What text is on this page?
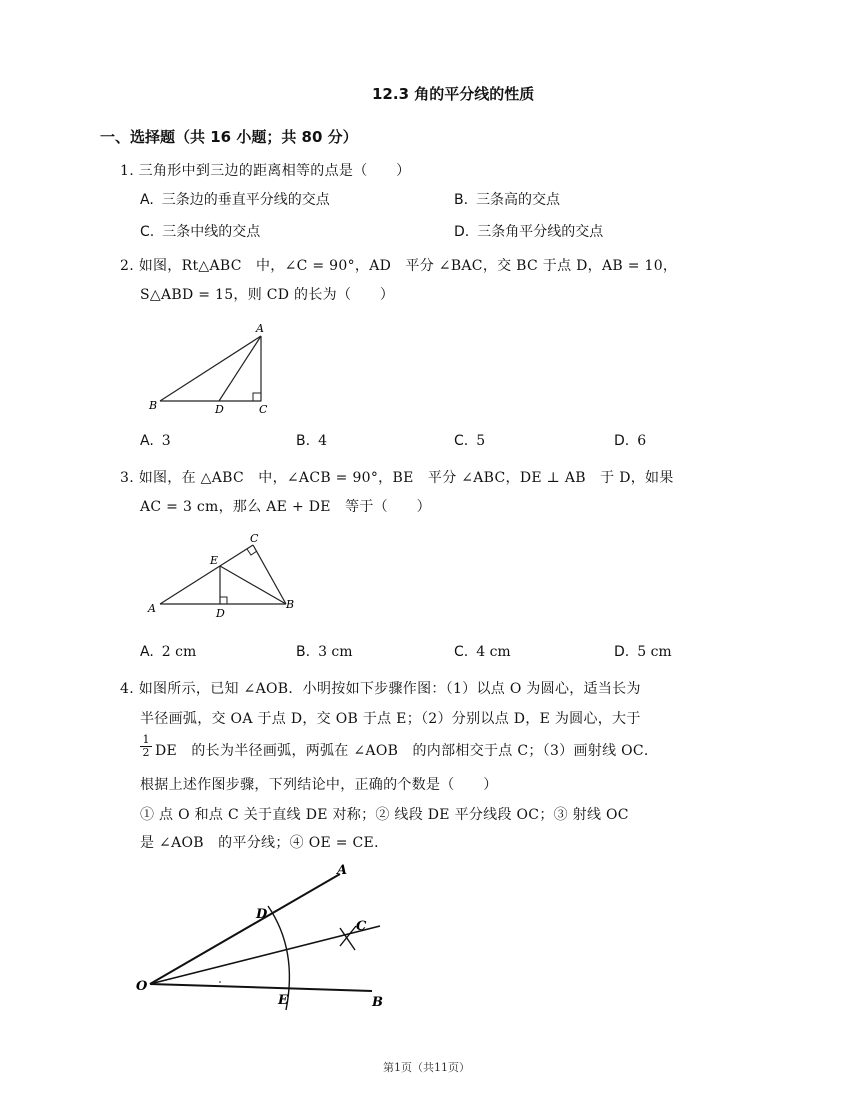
12.3 角的平分线的性质
一、选择题（共 16 小题；共 80 分）
1. 三角形中到三边的距离相等的点是（　　）
A. 三条边的垂直平分线的交点	B. 三条高的交点
C. 三条中线的交点	D. 三条角平分线的交点
2. 如图，Rt△ABC　中，∠C = 90°，AD　平分 ∠BAC，交 BC 于点 D，AB = 10，
S△ABD = 15，则 CD 的长为（　　）
A
B	D	C
A. 3	B. 4	C. 5	D. 6
3. 如图，在 △ABC　中，∠ACB = 90°，BE　平分 ∠ABC，DE ⊥ AB　于 D，如果
AC = 3 cm，那么 AE + DE　等于（　　）
C
E
A	D
B
A. 2 cm	B. 3 cm	C. 4 cm	D. 5 cm
4. 如图所示，已知 ∠AOB．小明按如下步骤作图：（1）以点 O 为圆心，适当长为
半径画弧，交 OA 于点 D，交 OB 于点 E；（2）分别以点 D，E 为圆心，大于
$\frac{1}{2}$ DE　的长为半径画弧，两弧在 ∠AOB　的内部相交于点 C；（3）画射线 OC．
根据上述作图步骤，下列结论中，正确的个数是（　　）
① 点 O 和点 C 关于直线 DE 对称；② 线段 DE 平分线段 OC；③ 射线 OC
是 ∠AOB　的平分线；④ OE = CE．
A
D
C
O
E	B
第1页（共11页）
